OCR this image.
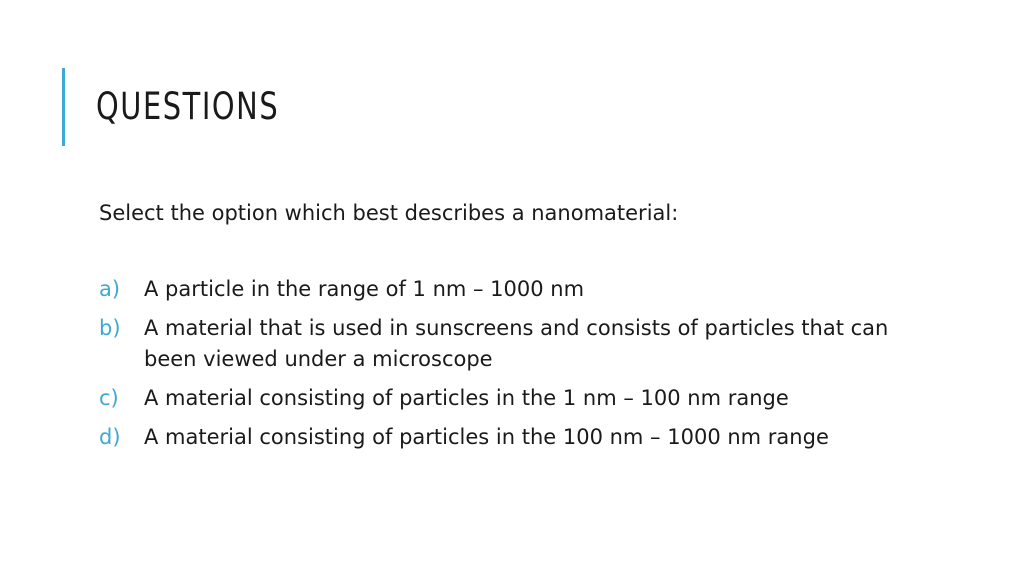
QUESTIONS

Select the option which best describes a nanomaterial:

a) A particle in the range of 1 nm – 1000 nm
b) A material that is used in sunscreens and consists of particles that can been viewed under a microscope
c) A material consisting of particles in the 1 nm – 100 nm range
d) A material consisting of particles in the 100 nm – 1000 nm range
